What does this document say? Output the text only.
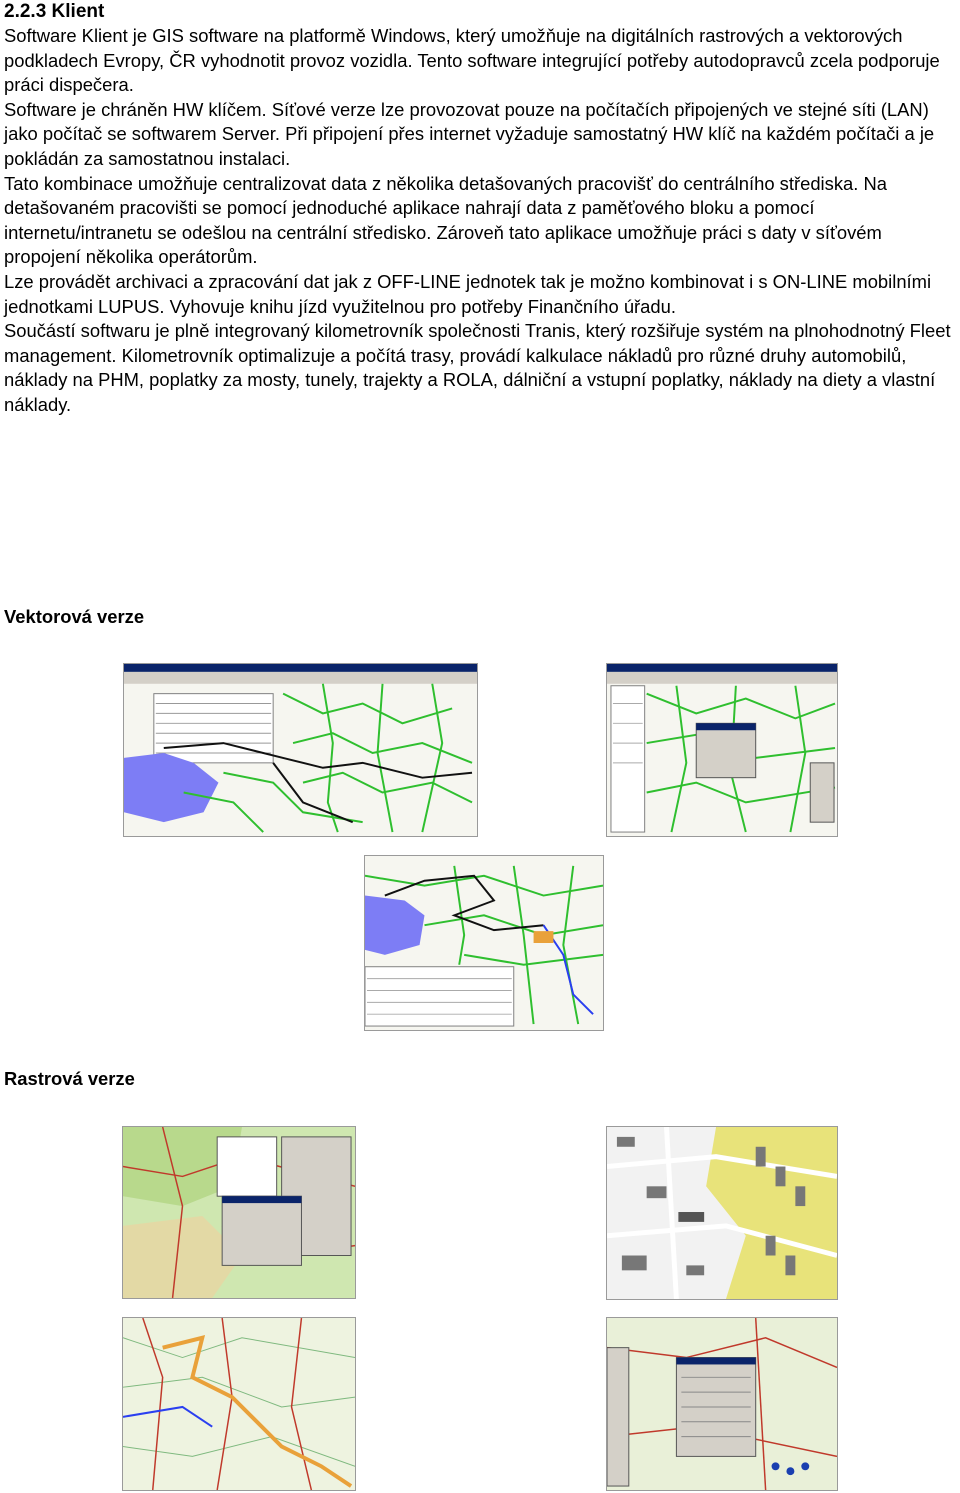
2.2.3 Klient

Software Klient je GIS software na platformě Windows, který umožňuje na digitálních rastrových a vektorových podkladech Evropy, ČR vyhodnotit provoz vozidla. Tento software integrující potřeby autodopravců zcela podporuje práci dispečera.

Software je chráněn HW klíčem. Síťové verze lze provozovat pouze na počítačích připojených ve stejné síti (LAN) jako počítač se softwarem Server. Při připojení přes internet vyžaduje samostatný HW klíč na každém počítači a je pokládán za samostatnou instalaci.

Tato kombinace umožňuje centralizovat data z několika detašovaných pracovišť do centrálního střediska. Na detašovaném pracovišti se pomocí jednoduché aplikace nahrají data z paměťového bloku a pomocí internetu/intranetu se odešlou na centrální středisko. Zároveň tato aplikace umožňuje práci s daty v síťovém propojení několika operátorům.

Lze provádět archivaci a zpracování dat jak z OFF-LINE jednotek tak je možno kombinovat i s ON-LINE mobilními jednotkami LUPUS. Vyhovuje knihu jízd využitelnou pro potřeby Finančního úřadu.

Součástí softwaru je plně integrovaný kilometrovník společnosti Tranis, který rozšiřuje systém na plnohodnotný Fleet management. Kilometrovník optimalizuje a počítá trasy, provádí kalkulace nákladů pro různé druhy automobilů, náklady na PHM, poplatky za mosty, tunely, trajekty a ROLA, dálniční a vstupní poplatky, náklady na diety a vlastní náklady.

Vektorová verze
Rastrová verze
